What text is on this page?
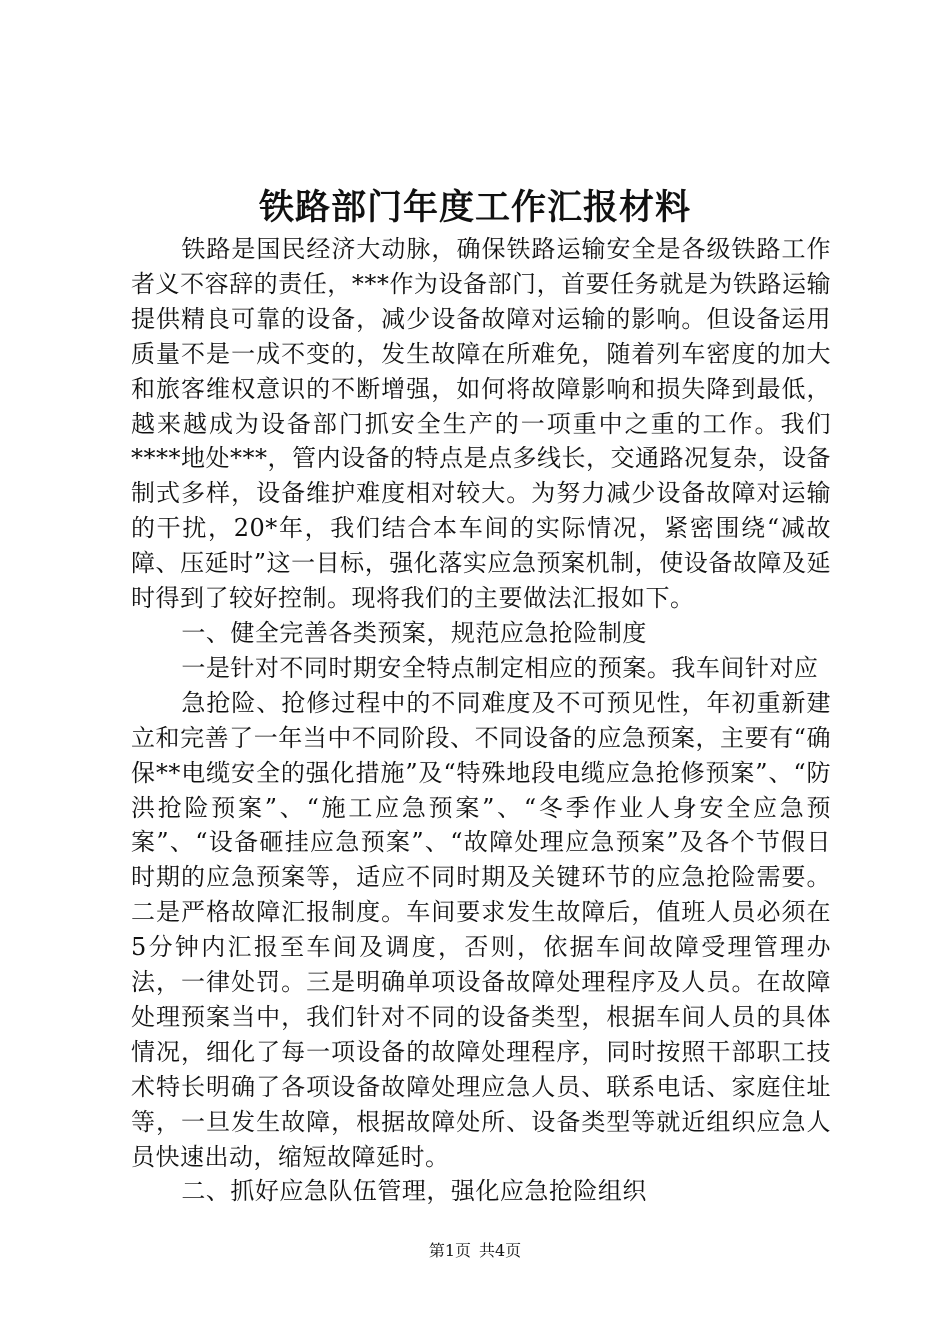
铁路部门年度工作汇报材料

铁路是国民经济大动脉，确保铁路运输安全是各级铁路工作者义不容辞的责任，***作为设备部门，首要任务就是为铁路运输提供精良可靠的设备，减少设备故障对运输的影响。但设备运用质量不是一成不变的，发生故障在所难免，随着列车密度的加大和旅客维权意识的不断增强，如何将故障影响和损失降到最低，越来越成为设备部门抓安全生产的一项重中之重的工作。我们****地处***，管内设备的特点是点多线长，交通路况复杂，设备制式多样，设备维护难度相对较大。为努力减少设备故障对运输的干扰，20*年，我们结合本车间的实际情况，紧密围绕“减故障、压延时”这一目标，强化落实应急预案机制，使设备故障及延时得到了较好控制。现将我们的主要做法汇报如下。

一、健全完善各类预案，规范应急抢险制度

一是针对不同时期安全特点制定相应的预案。我车间针对应

急抢险、抢修过程中的不同难度及不可预见性，年初重新建立和完善了一年当中不同阶段、不同设备的应急预案，主要有“确保**电缆安全的强化措施”及“特殊地段电缆应急抢修预案”、“防洪抢险预案”、“施工应急预案”、“冬季作业人身安全应急预案”、“设备砸挂应急预案”、“故障处理应急预案”及各个节假日时期的应急预案等，适应不同时期及关键环节的应急抢险需要。二是严格故障汇报制度。车间要求发生故障后，值班人员必须在5分钟内汇报至车间及调度，否则，依据车间故障受理管理办法，一律处罚。三是明确单项设备故障处理程序及人员。在故障处理预案当中，我们针对不同的设备类型，根据车间人员的具体情况，细化了每一项设备的故障处理程序，同时按照干部职工技术特长明确了各项设备故障处理应急人员、联系电话、家庭住址等，一旦发生故障，根据故障处所、设备类型等就近组织应急人员快速出动，缩短故障延时。

二、抓好应急队伍管理，强化应急抢险组织

第1页 共4页
